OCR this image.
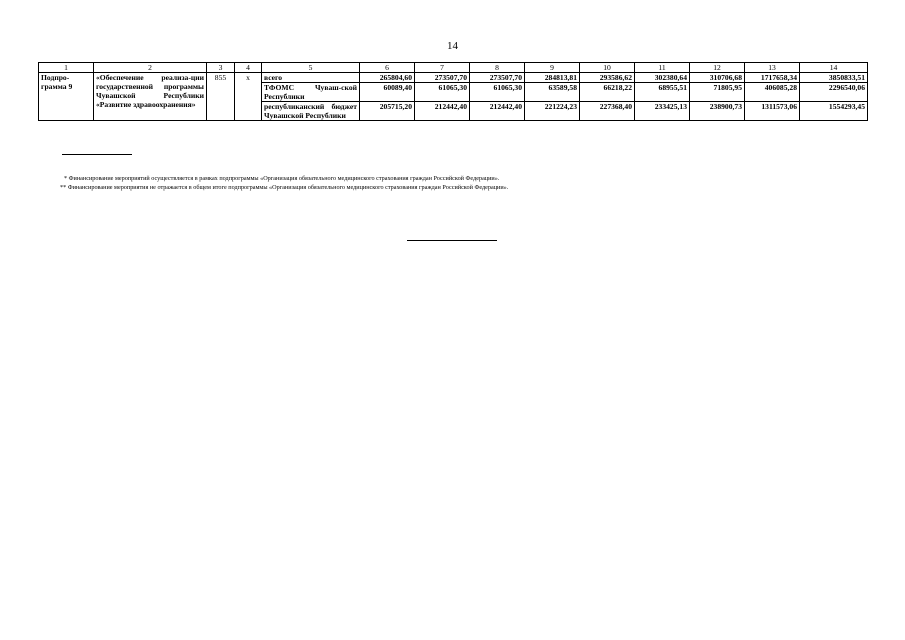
14
1	2	3	4	5	6	7	8	9	10	11	12	13	14
Подпро-грамма 9	«Обеспечение реализа-ции государственной программы Чувашской Республики «Развитие здравоохранения»	855	x	всего	265804,60	273507,70	273507,70	284813,81	293586,62	302380,64	310706,68	1717658,34	3850833,51
				ТФОМС Чуваш-ской Республики	60089,40	61065,30	61065,30	63589,58	66218,22	68955,51	71805,95	406085,28	2296540,06
				республиканский бюджет Чувашской Республики	205715,20	212442,40	212442,40	221224,23	227368,40	233425,13	238900,73	1311573,06	1554293,45
* Финансирование мероприятий осуществляется в рамках подпрограммы «Организация обязательного медицинского страхования граждан Российской Федерации».
** Финансирование мероприятия не отражается в общем итоге подпрограммы «Организация обязательного медицинского страхования граждан Российской Федерации».
